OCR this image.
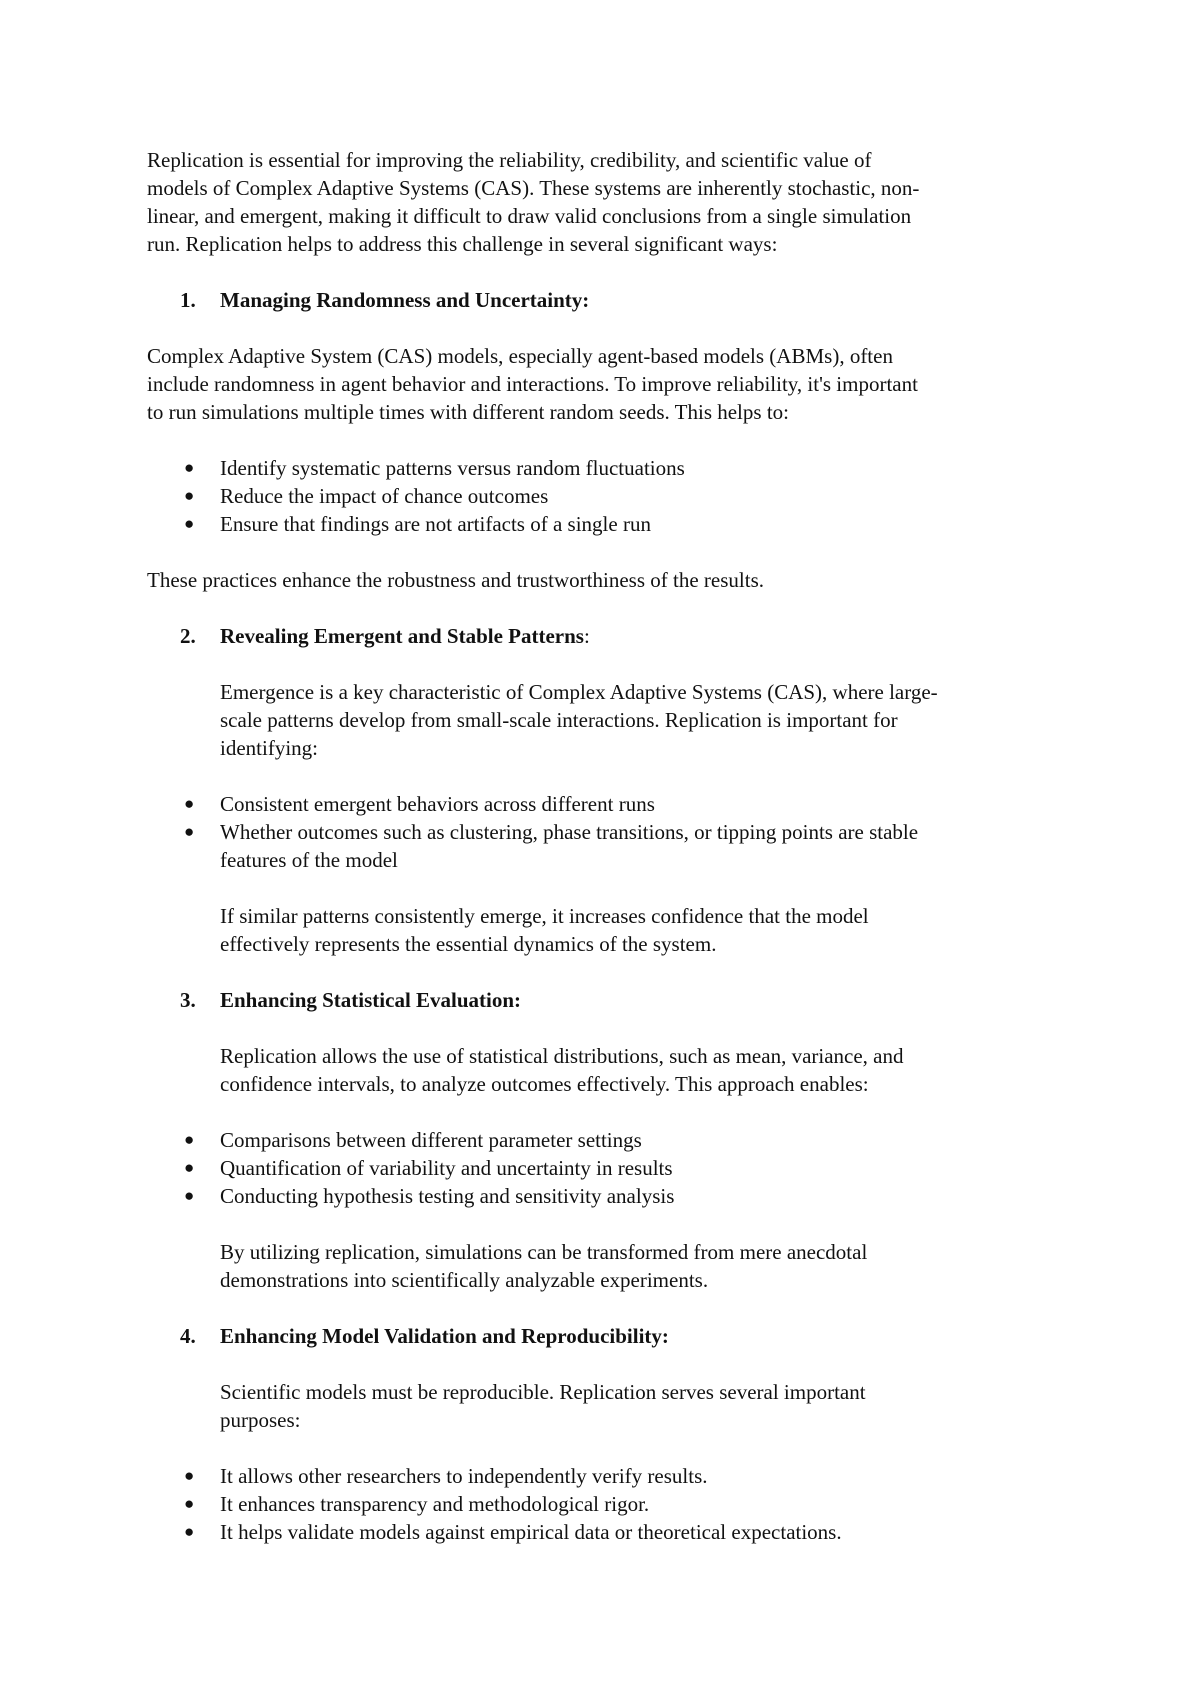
Replication is essential for improving the reliability, credibility, and scientific value of
models of Complex Adaptive Systems (CAS). These systems are inherently stochastic, non-
linear, and emergent, making it difficult to draw valid conclusions from a single simulation
run. Replication helps to address this challenge in several significant ways:
1. Managing Randomness and Uncertainty:
Complex Adaptive System (CAS) models, especially agent-based models (ABMs), often
include randomness in agent behavior and interactions. To improve reliability, it's important
to run simulations multiple times with different random seeds. This helps to:
● Identify systematic patterns versus random fluctuations
● Reduce the impact of chance outcomes
● Ensure that findings are not artifacts of a single run
These practices enhance the robustness and trustworthiness of the results.
2. Revealing Emergent and Stable Patterns:
Emergence is a key characteristic of Complex Adaptive Systems (CAS), where large-
scale patterns develop from small-scale interactions. Replication is important for
identifying:
● Consistent emergent behaviors across different runs
● Whether outcomes such as clustering, phase transitions, or tipping points are stable
features of the model
If similar patterns consistently emerge, it increases confidence that the model
effectively represents the essential dynamics of the system.
3. Enhancing Statistical Evaluation:
Replication allows the use of statistical distributions, such as mean, variance, and
confidence intervals, to analyze outcomes effectively. This approach enables:
● Comparisons between different parameter settings
● Quantification of variability and uncertainty in results
● Conducting hypothesis testing and sensitivity analysis
By utilizing replication, simulations can be transformed from mere anecdotal
demonstrations into scientifically analyzable experiments.
4. Enhancing Model Validation and Reproducibility:
Scientific models must be reproducible. Replication serves several important
purposes:
● It allows other researchers to independently verify results.
● It enhances transparency and methodological rigor.
● It helps validate models against empirical data or theoretical expectations.
